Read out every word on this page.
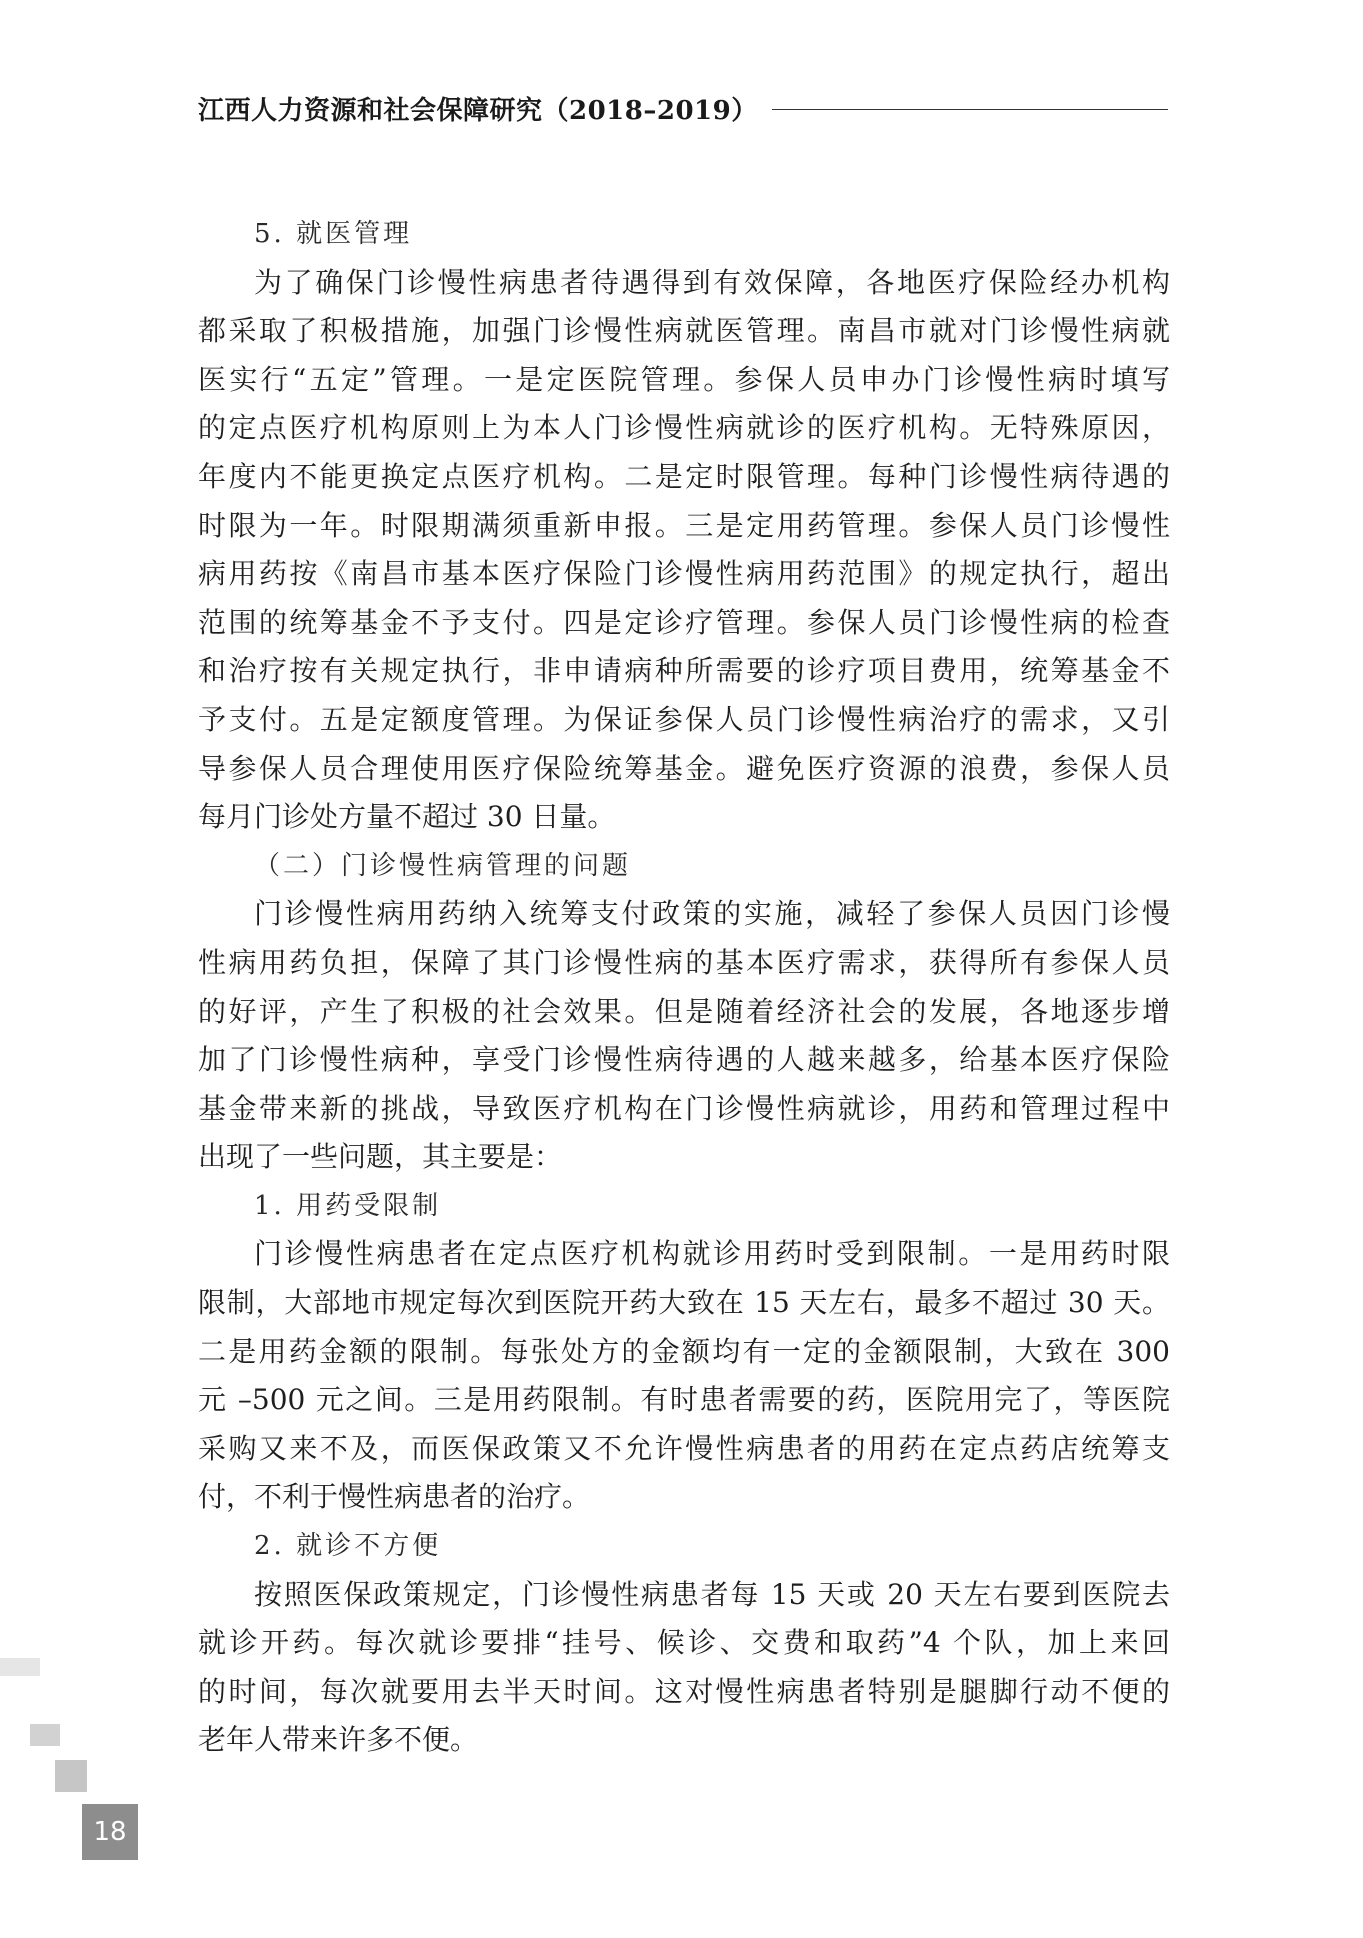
江西人力资源和社会保障研究（2018–2019）
5. 就医管理
为了确保门诊慢性病患者待遇得到有效保障，各地医疗保险经办机构
都采取了积极措施，加强门诊慢性病就医管理。南昌市就对门诊慢性病就
医实行“五定”管理。一是定医院管理。参保人员申办门诊慢性病时填写
的定点医疗机构原则上为本人门诊慢性病就诊的医疗机构。无特殊原因，
年度内不能更换定点医疗机构。二是定时限管理。每种门诊慢性病待遇的
时限为一年。时限期满须重新申报。三是定用药管理。参保人员门诊慢性
病用药按《南昌市基本医疗保险门诊慢性病用药范围》的规定执行，超出
范围的统筹基金不予支付。四是定诊疗管理。参保人员门诊慢性病的检查
和治疗按有关规定执行，非申请病种所需要的诊疗项目费用，统筹基金不
予支付。五是定额度管理。为保证参保人员门诊慢性病治疗的需求，又引
导参保人员合理使用医疗保险统筹基金。避免医疗资源的浪费，参保人员
每月门诊处方量不超过 30 日量。
（二）门诊慢性病管理的问题
门诊慢性病用药纳入统筹支付政策的实施，减轻了参保人员因门诊慢
性病用药负担，保障了其门诊慢性病的基本医疗需求，获得所有参保人员
的好评，产生了积极的社会效果。但是随着经济社会的发展，各地逐步增
加了门诊慢性病种，享受门诊慢性病待遇的人越来越多，给基本医疗保险
基金带来新的挑战，导致医疗机构在门诊慢性病就诊，用药和管理过程中
出现了一些问题，其主要是：
1. 用药受限制
门诊慢性病患者在定点医疗机构就诊用药时受到限制。一是用药时限
限制，大部地市规定每次到医院开药大致在 15 天左右，最多不超过 30 天。
二是用药金额的限制。每张处方的金额均有一定的金额限制，大致在 300
元 –500 元之间。三是用药限制。有时患者需要的药，医院用完了，等医院
采购又来不及，而医保政策又不允许慢性病患者的用药在定点药店统筹支
付，不利于慢性病患者的治疗。
2. 就诊不方便
按照医保政策规定，门诊慢性病患者每 15 天或 20 天左右要到医院去
就诊开药。每次就诊要排“挂号、候诊、交费和取药”4 个队，加上来回
的时间，每次就要用去半天时间。这对慢性病患者特别是腿脚行动不便的
老年人带来许多不便。
18
